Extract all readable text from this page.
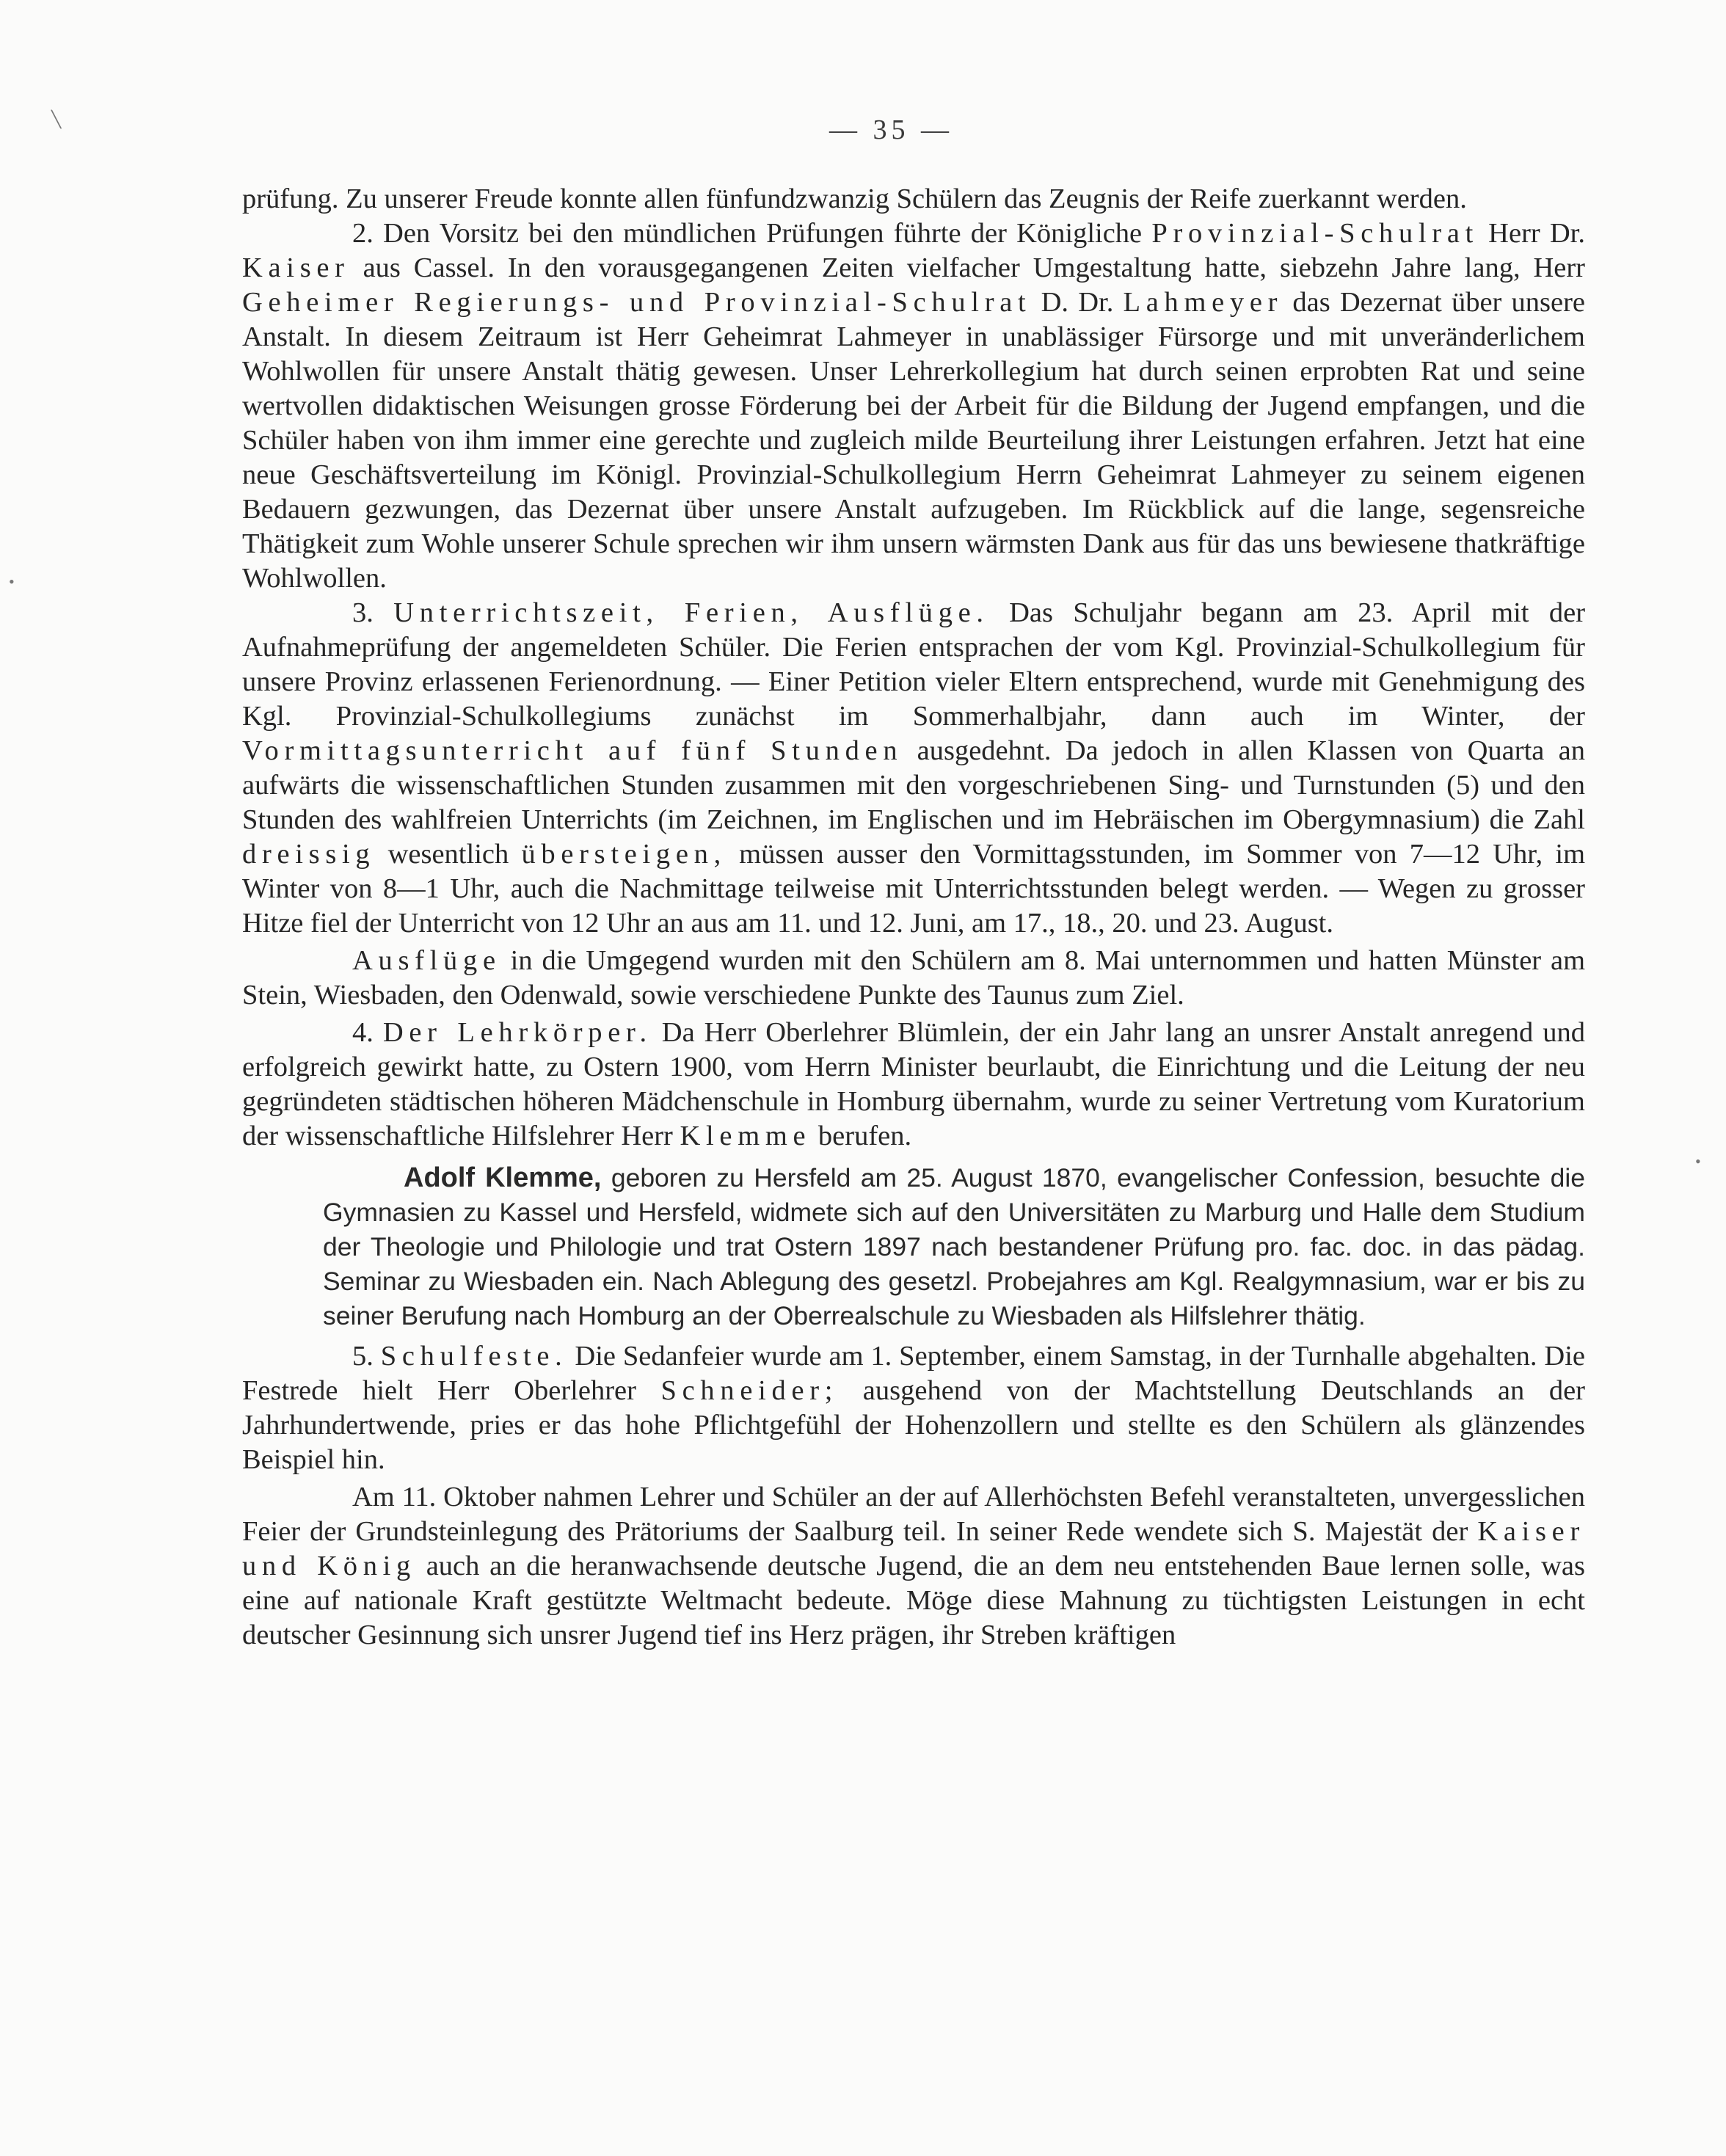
╲
•
•
— 35 —

prüfung. Zu unserer Freude konnte allen fünfundzwanzig Schülern das Zeugnis der Reife zuerkannt werden.

2. Den Vorsitz bei den mündlichen Prüfungen führte der Königliche Provinzial-Schulrat Herr Dr. Kaiser aus Cassel. In den vorausgegangenen Zeiten vielfacher Umgestaltung hatte, siebzehn Jahre lang, Herr Geheimer Regierungs- und Provinzial-Schulrat D. Dr. Lahmeyer das Dezernat über unsere Anstalt. In diesem Zeitraum ist Herr Geheimrat Lahmeyer in unablässiger Fürsorge und mit unveränderlichem Wohlwollen für unsere Anstalt thätig gewesen. Unser Lehrerkollegium hat durch seinen erprobten Rat und seine wertvollen didaktischen Weisungen grosse Förderung bei der Arbeit für die Bildung der Jugend empfangen, und die Schüler haben von ihm immer eine gerechte und zugleich milde Beurteilung ihrer Leistungen erfahren. Jetzt hat eine neue Geschäftsverteilung im Königl. Provinzial-Schulkollegium Herrn Geheimrat Lahmeyer zu seinem eigenen Bedauern gezwungen, das Dezernat über unsere Anstalt aufzugeben. Im Rückblick auf die lange, segensreiche Thätigkeit zum Wohle unserer Schule sprechen wir ihm unsern wärmsten Dank aus für das uns bewiesene thatkräftige Wohlwollen.

3. Unterrichtszeit, Ferien, Ausflüge. Das Schuljahr begann am 23. April mit der Aufnahmeprüfung der angemeldeten Schüler. Die Ferien entsprachen der vom Kgl. Provinzial-Schulkollegium für unsere Provinz erlassenen Ferienordnung. — Einer Petition vieler Eltern entsprechend, wurde mit Genehmigung des Kgl. Provinzial-Schulkollegiums zunächst im Sommerhalbjahr, dann auch im Winter, der Vormittagsunterricht auf fünf Stunden ausgedehnt. Da jedoch in allen Klassen von Quarta an aufwärts die wissenschaftlichen Stunden zusammen mit den vorgeschriebenen Sing- und Turnstunden (5) und den Stunden des wahlfreien Unterrichts (im Zeichnen, im Englischen und im Hebräischen im Obergymnasium) die Zahl dreissig wesentlich übersteigen, müssen ausser den Vormittagsstunden, im Sommer von 7—12 Uhr, im Winter von 8—1 Uhr, auch die Nachmittage teilweise mit Unterrichtsstunden belegt werden. — Wegen zu grosser Hitze fiel der Unterricht von 12 Uhr an aus am 11. und 12. Juni, am 17., 18., 20. und 23. August.

Ausflüge in die Umgegend wurden mit den Schülern am 8. Mai unternommen und hatten Münster am Stein, Wiesbaden, den Odenwald, sowie verschiedene Punkte des Taunus zum Ziel.

4. Der Lehrkörper. Da Herr Oberlehrer Blümlein, der ein Jahr lang an unsrer Anstalt anregend und erfolgreich gewirkt hatte, zu Ostern 1900, vom Herrn Minister beurlaubt, die Einrichtung und die Leitung der neu gegründeten städtischen höheren Mädchenschule in Homburg übernahm, wurde zu seiner Vertretung vom Kuratorium der wissenschaftliche Hilfslehrer Herr Klemme berufen.

Adolf Klemme, geboren zu Hersfeld am 25. August 1870, evangelischer Confession, besuchte die Gymnasien zu Kassel und Hersfeld, widmete sich auf den Universitäten zu Marburg und Halle dem Studium der Theologie und Philologie und trat Ostern 1897 nach bestandener Prüfung pro. fac. doc. in das pädag. Seminar zu Wiesbaden ein. Nach Ablegung des gesetzl. Probejahres am Kgl. Realgymnasium, war er bis zu seiner Berufung nach Homburg an der Oberrealschule zu Wiesbaden als Hilfslehrer thätig.

5. Schulfeste. Die Sedanfeier wurde am 1. September, einem Samstag, in der Turnhalle abgehalten. Die Festrede hielt Herr Oberlehrer Schneider; ausgehend von der Machtstellung Deutschlands an der Jahrhundertwende, pries er das hohe Pflichtgefühl der Hohenzollern und stellte es den Schülern als glänzendes Beispiel hin.

Am 11. Oktober nahmen Lehrer und Schüler an der auf Allerhöchsten Befehl veranstalteten, unvergesslichen Feier der Grundsteinlegung des Prätoriums der Saalburg teil. In seiner Rede wendete sich S. Majestät der Kaiser und König auch an die heranwachsende deutsche Jugend, die an dem neu entstehenden Baue lernen solle, was eine auf nationale Kraft gestützte Weltmacht bedeute. Möge diese Mahnung zu tüchtigsten Leistungen in echt deutscher Gesinnung sich unsrer Jugend tief ins Herz prägen, ihr Streben kräftigen
